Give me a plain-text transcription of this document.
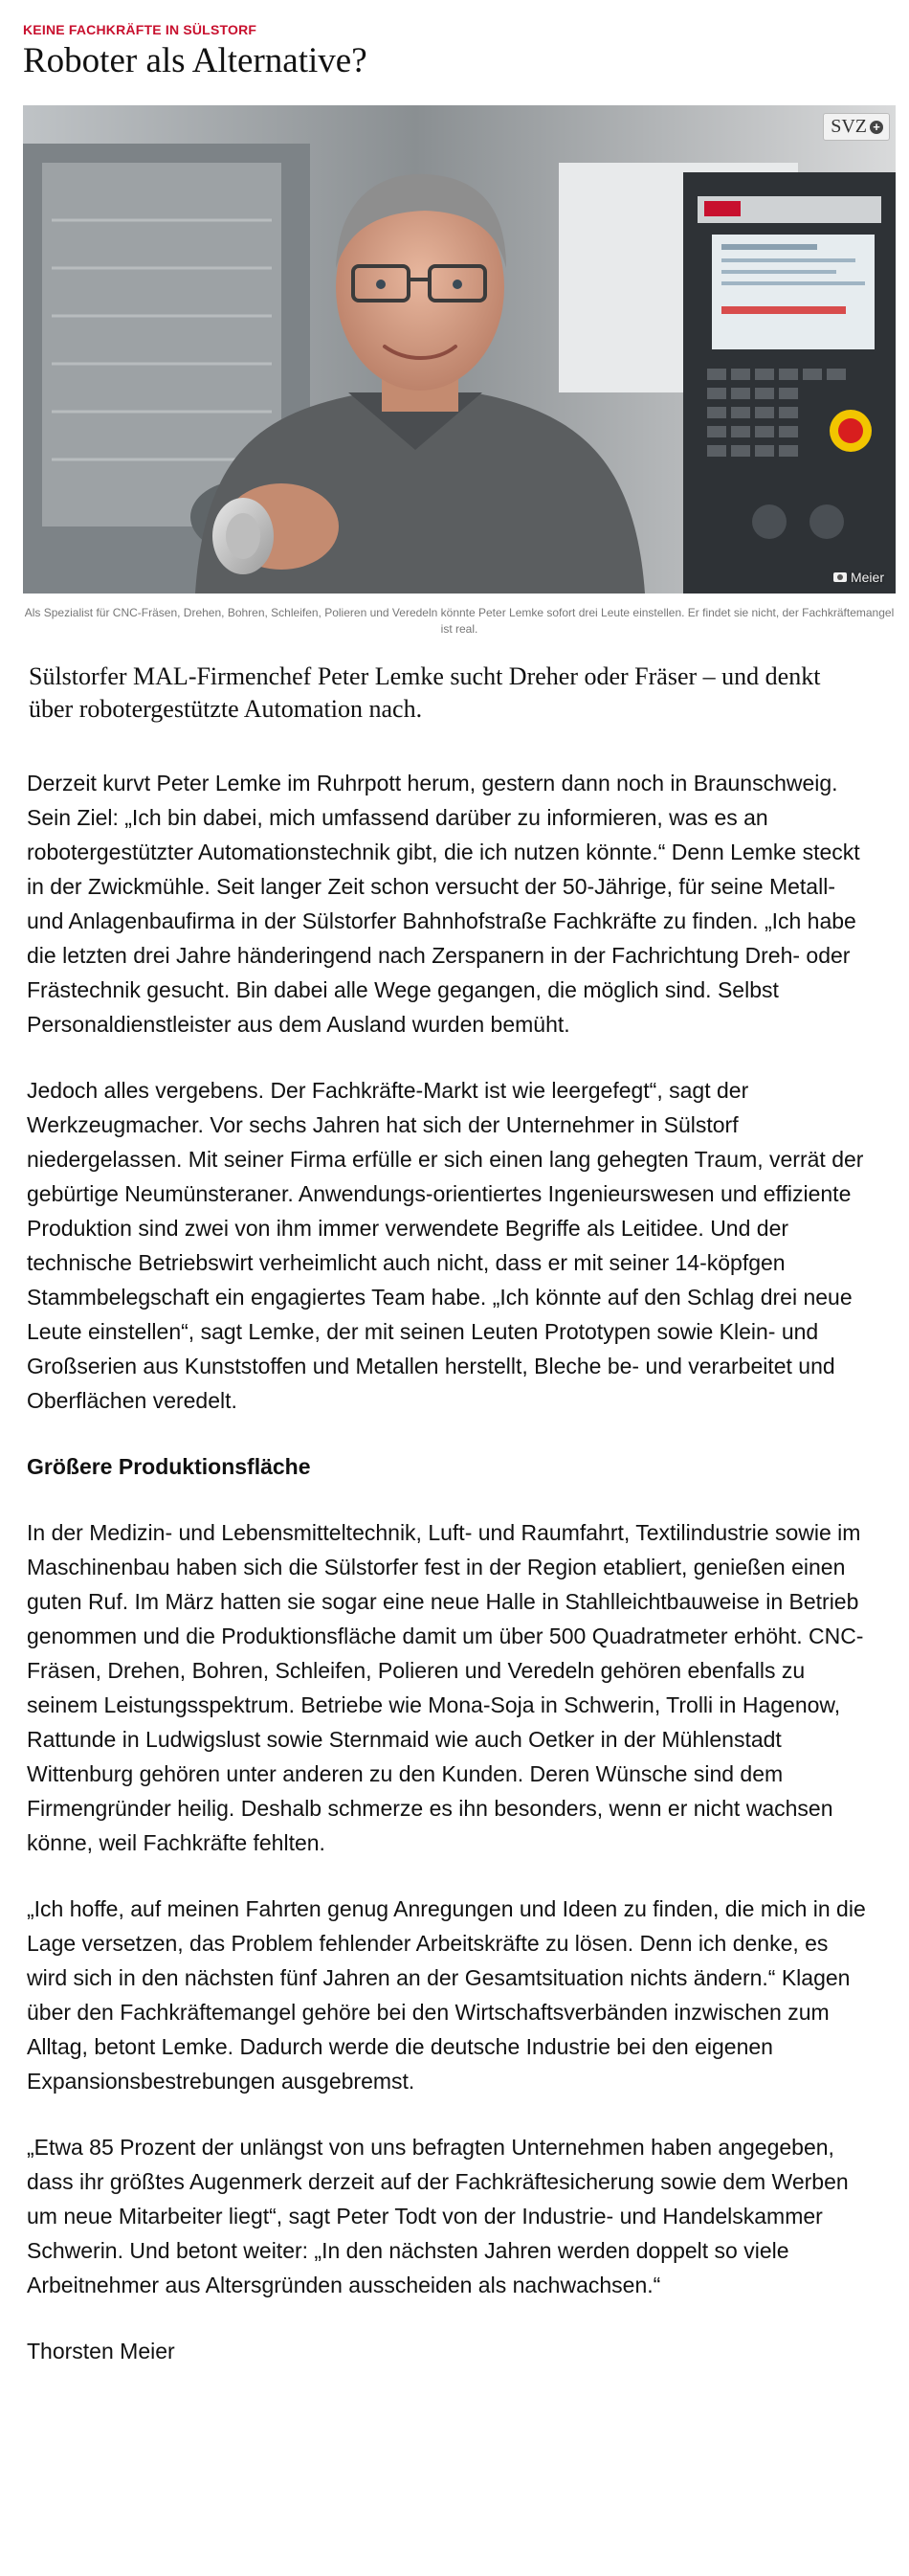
KEINE FACHKRÄFTE IN SÜLSTORF
Roboter als Alternative?
SVZ +
Meier
Als Spezialist für CNC-Fräsen, Drehen, Bohren, Schleifen, Polieren und Veredeln könnte Peter Lemke sofort drei Leute einstellen. Er findet sie nicht, der Fachkräftemangel ist real.

Sülstorfer MAL-Firmenchef Peter Lemke sucht Dreher oder Fräser – und denkt über robotergestützte Automation nach.

Derzeit kurvt Peter Lemke im Ruhrpott herum, gestern dann noch in Braunschweig. Sein Ziel: „Ich bin dabei, mich umfassend darüber zu informieren, was es an robotergestützter Automationstechnik gibt, die ich nutzen könnte.“ Denn Lemke steckt in der Zwickmühle. Seit langer Zeit schon versucht der 50-Jährige, für seine Metall- und Anlagenbaufirma in der Sülstorfer Bahnhofstraße Fachkräfte zu finden. „Ich habe die letzten drei Jahre händeringend nach Zerspanern in der Fachrichtung Dreh- oder Frästechnik gesucht. Bin dabei alle Wege gegangen, die möglich sind. Selbst Personaldienstleister aus dem Ausland wurden bemüht.

Jedoch alles vergebens. Der Fachkräfte-Markt ist wie leergefegt“, sagt der Werkzeugmacher. Vor sechs Jahren hat sich der Unternehmer in Sülstorf niedergelassen. Mit seiner Firma erfülle er sich einen lang gehegten Traum, verrät der gebürtige Neumünsteraner. Anwendungs-orientiertes Ingenieurswesen und effiziente Produktion sind zwei von ihm immer verwendete Begriffe als Leitidee. Und der technische Betriebswirt verheimlicht auch nicht, dass er mit seiner 14-köpfgen Stammbelegschaft ein engagiertes Team habe. „Ich könnte auf den Schlag drei neue Leute einstellen“, sagt Lemke, der mit seinen Leuten Prototypen sowie Klein- und Großserien aus Kunststoffen und Metallen herstellt, Bleche be- und verarbeitet und Oberflächen veredelt.

Größere Produktionsfläche

In der Medizin- und Lebensmitteltechnik, Luft- und Raumfahrt, Textilindustrie sowie im Maschinenbau haben sich die Sülstorfer fest in der Region etabliert, genießen einen guten Ruf. Im März hatten sie sogar eine neue Halle in Stahlleichtbauweise in Betrieb genommen und die Produktionsfläche damit um über 500 Quadratmeter erhöht. CNC-Fräsen, Drehen, Bohren, Schleifen, Polieren und Veredeln gehören ebenfalls zu seinem Leistungsspektrum. Betriebe wie Mona-Soja in Schwerin, Trolli in Hagenow, Rattunde in Ludwigslust sowie Sternmaid wie auch Oetker in der Mühlenstadt Wittenburg gehören unter anderen zu den Kunden. Deren Wünsche sind dem Firmengründer heilig. Deshalb schmerze es ihn besonders, wenn er nicht wachsen könne, weil Fachkräfte fehlten.

„Ich hoffe, auf meinen Fahrten genug Anregungen und Ideen zu finden, die mich in die Lage versetzen, das Problem fehlender Arbeitskräfte zu lösen. Denn ich denke, es wird sich in den nächsten fünf Jahren an der Gesamtsituation nichts ändern.“ Klagen über den Fachkräftemangel gehöre bei den Wirtschaftsverbänden inzwischen zum Alltag, betont Lemke. Dadurch werde die deutsche Industrie bei den eigenen Expansionsbestrebungen ausgebremst.

„Etwa 85 Prozent der unlängst von uns befragten Unternehmen haben angegeben, dass ihr größtes Augenmerk derzeit auf der Fachkräftesicherung sowie dem Werben um neue Mitarbeiter liegt“, sagt Peter Todt von der Industrie- und Handelskammer Schwerin. Und betont weiter: „In den nächsten Jahren werden doppelt so viele Arbeitnehmer aus Altersgründen ausscheiden als nachwachsen.“

Thorsten Meier
